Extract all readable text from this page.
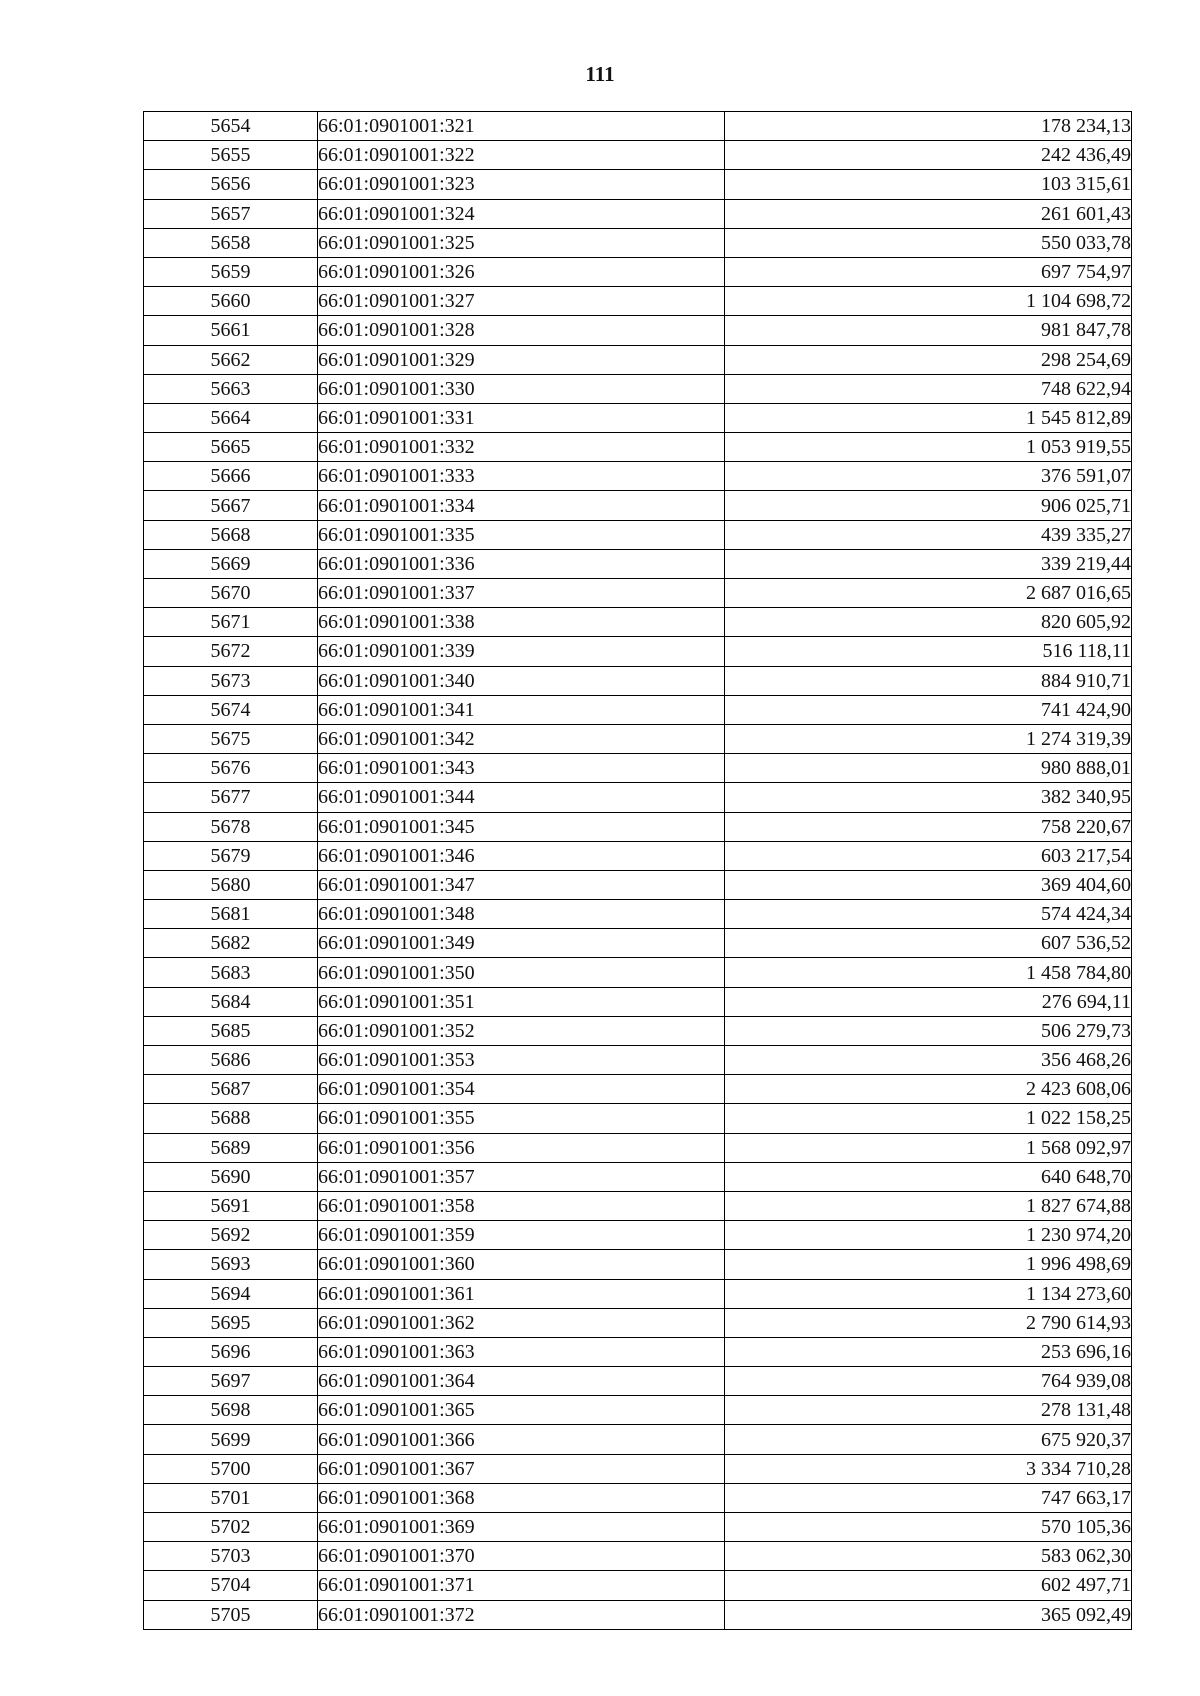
111
5654	66:01:0901001:321	178 234,13
5655	66:01:0901001:322	242 436,49
5656	66:01:0901001:323	103 315,61
5657	66:01:0901001:324	261 601,43
5658	66:01:0901001:325	550 033,78
5659	66:01:0901001:326	697 754,97
5660	66:01:0901001:327	1 104 698,72
5661	66:01:0901001:328	981 847,78
5662	66:01:0901001:329	298 254,69
5663	66:01:0901001:330	748 622,94
5664	66:01:0901001:331	1 545 812,89
5665	66:01:0901001:332	1 053 919,55
5666	66:01:0901001:333	376 591,07
5667	66:01:0901001:334	906 025,71
5668	66:01:0901001:335	439 335,27
5669	66:01:0901001:336	339 219,44
5670	66:01:0901001:337	2 687 016,65
5671	66:01:0901001:338	820 605,92
5672	66:01:0901001:339	516 118,11
5673	66:01:0901001:340	884 910,71
5674	66:01:0901001:341	741 424,90
5675	66:01:0901001:342	1 274 319,39
5676	66:01:0901001:343	980 888,01
5677	66:01:0901001:344	382 340,95
5678	66:01:0901001:345	758 220,67
5679	66:01:0901001:346	603 217,54
5680	66:01:0901001:347	369 404,60
5681	66:01:0901001:348	574 424,34
5682	66:01:0901001:349	607 536,52
5683	66:01:0901001:350	1 458 784,80
5684	66:01:0901001:351	276 694,11
5685	66:01:0901001:352	506 279,73
5686	66:01:0901001:353	356 468,26
5687	66:01:0901001:354	2 423 608,06
5688	66:01:0901001:355	1 022 158,25
5689	66:01:0901001:356	1 568 092,97
5690	66:01:0901001:357	640 648,70
5691	66:01:0901001:358	1 827 674,88
5692	66:01:0901001:359	1 230 974,20
5693	66:01:0901001:360	1 996 498,69
5694	66:01:0901001:361	1 134 273,60
5695	66:01:0901001:362	2 790 614,93
5696	66:01:0901001:363	253 696,16
5697	66:01:0901001:364	764 939,08
5698	66:01:0901001:365	278 131,48
5699	66:01:0901001:366	675 920,37
5700	66:01:0901001:367	3 334 710,28
5701	66:01:0901001:368	747 663,17
5702	66:01:0901001:369	570 105,36
5703	66:01:0901001:370	583 062,30
5704	66:01:0901001:371	602 497,71
5705	66:01:0901001:372	365 092,49
